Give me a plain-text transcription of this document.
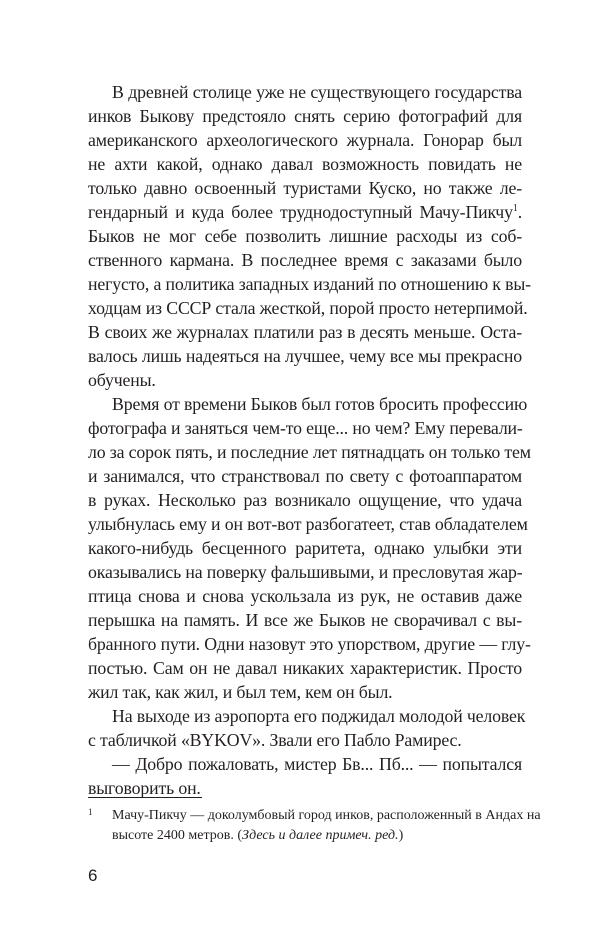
В древней столице уже не существующего государства
инков Быкову предстояло снять серию фотографий для
американского археологического журнала. Гонорар был
не ахти какой, однако давал возможность повидать не
только давно освоенный туристами Куско, но также ле-
гендарный и куда более труднодоступный Мачу-Пикчу$^1$.
Быков не мог себе позволить лишние расходы из соб-
ственного кармана. В последнее время с заказами было
негусто, а политика западных изданий по отношению к вы-
ходцам из СССР стала жесткой, порой просто нетерпимой.
В своих же журналах платили раз в десять меньше. Оста-
валось лишь надеяться на лучшее, чему все мы прекрасно
обучены.
Время от времени Быков был готов бросить профессию
фотографа и заняться чем-то еще... но чем? Ему перевали-
ло за сорок пять, и последние лет пятнадцать он только тем
и занимался, что странствовал по свету с фотоаппаратом
в руках. Несколько раз возникало ощущение, что удача
улыбнулась ему и он вот-вот разбогатеет, став обладателем
какого-нибудь бесценного раритета, однако улыбки эти
оказывались на поверку фальшивыми, и пресловутая жар-
птица снова и снова ускользала из рук, не оставив даже
перышка на память. И все же Быков не сворачивал с вы-
бранного пути. Одни назовут это упорством, другие — глу-
постью. Сам он не давал никаких характеристик. Просто
жил так, как жил, и был тем, кем он был.
На выходе из аэропорта его поджидал молодой человек
с табличкой «BYKOV». Звали его Пабло Рамирес.
— Добро пожаловать, мистер Бв... Пб... — попытался
выговорить он.
1	Мачу-Пикчу — доколумбовый город инков, расположенный в Андах на
высоте 2400 метров. (Здесь и далее примеч. ред.)
6
